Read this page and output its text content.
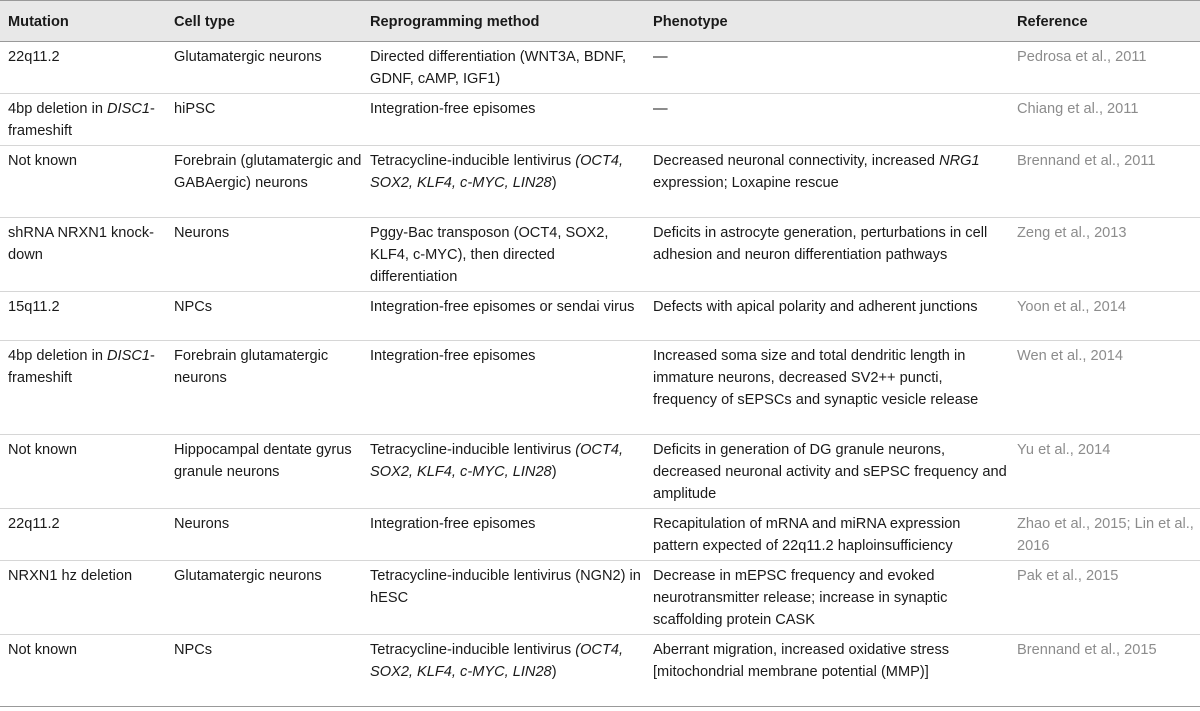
Mutation	Cell type	Reprogramming method	Phenotype	Reference
22q11.2	Glutamatergic neurons	Directed differentiation (WNT3A, BDNF, GDNF, cAMP, IGF1)	—	Pedrosa et al., 2011
4bp deletion in DISC1- frameshift	hiPSC	Integration-free episomes	—	Chiang et al., 2011
Not known	Forebrain (glutamatergic and GABAergic) neurons	Tetracycline-inducible lentivirus (OCT4, SOX2, KLF4, c-MYC, LIN28)	Decreased neuronal connectivity, increased NRG1 expression; Loxapine rescue	Brennand et al., 2011
shRNA NRXN1 knock-down	Neurons	Pggy-Bac transposon (OCT4, SOX2, KLF4, c-MYC), then directed differentiation	Deficits in astrocyte generation, perturbations in cell adhesion and neuron differentiation pathways	Zeng et al., 2013
15q11.2	NPCs	Integration-free episomes or sendai virus	Defects with apical polarity and adherent junctions	Yoon et al., 2014
4bp deletion in DISC1- frameshift	Forebrain glutamatergic neurons	Integration-free episomes	Increased soma size and total dendritic length in immature neurons, decreased SV2++ puncti, frequency of sEPSCs and synaptic vesicle release	Wen et al., 2014
Not known	Hippocampal dentate gyrus granule neurons	Tetracycline-inducible lentivirus (OCT4, SOX2, KLF4, c-MYC, LIN28)	Deficits in generation of DG granule neurons, decreased neuronal activity and sEPSC frequency and amplitude	Yu et al., 2014
22q11.2	Neurons	Integration-free episomes	Recapitulation of mRNA and miRNA expression pattern expected of 22q11.2 haploinsufficiency	Zhao et al., 2015; Lin et al., 2016
NRXN1 hz deletion	Glutamatergic neurons	Tetracycline-inducible lentivirus (NGN2) in hESC	Decrease in mEPSC frequency and evoked neurotransmitter release; increase in synaptic scaffolding protein CASK	Pak et al., 2015
Not known	NPCs	Tetracycline-inducible lentivirus (OCT4, SOX2, KLF4, c-MYC, LIN28)	Aberrant migration, increased oxidative stress [mitochondrial membrane potential (MMP)]	Brennand et al., 2015
